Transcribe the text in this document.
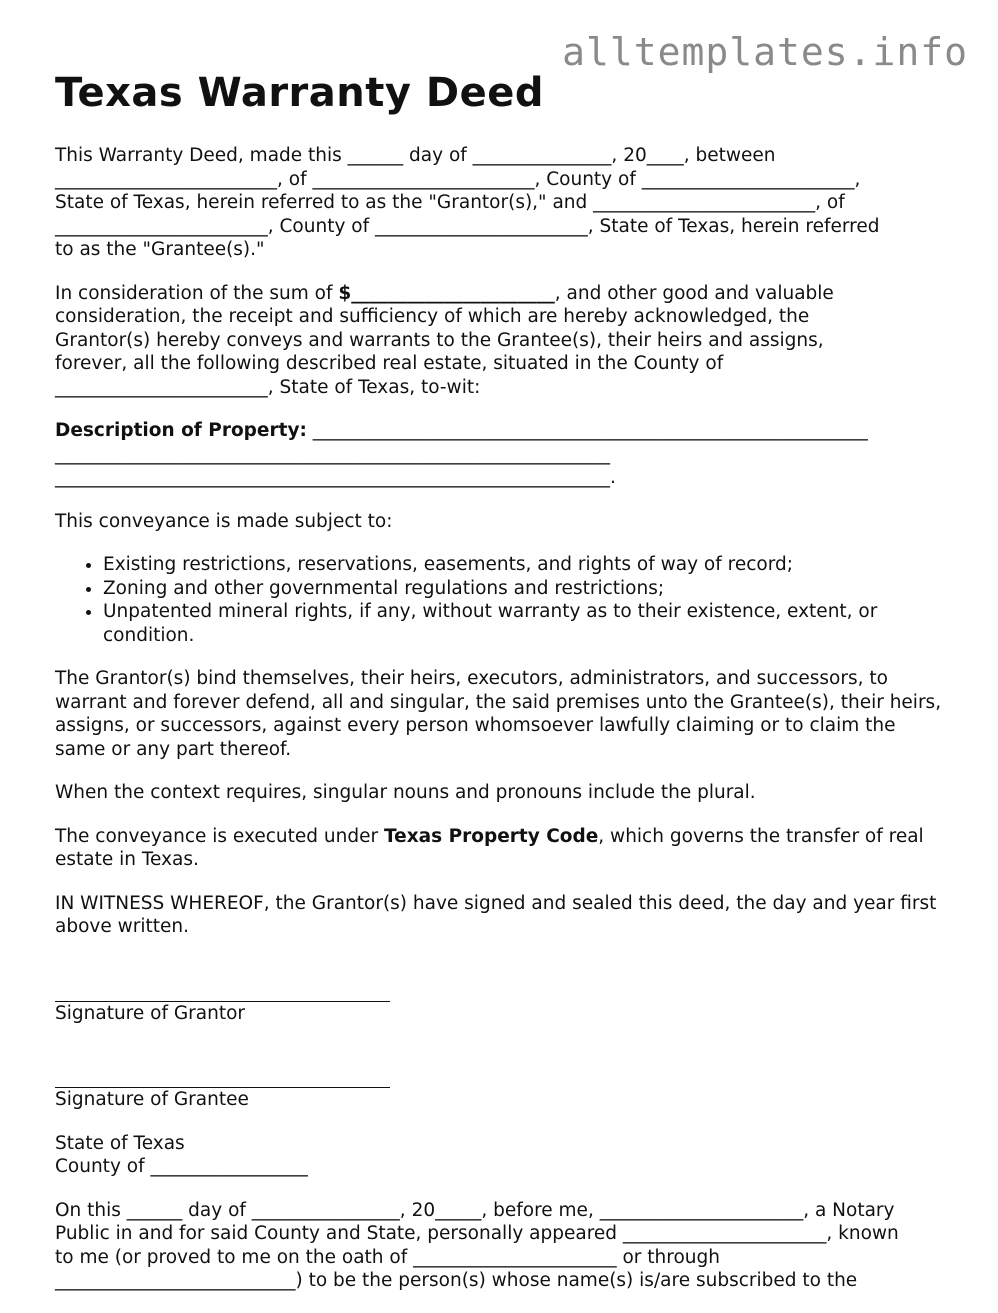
alltemplates.info
Texas Warranty Deed

This Warranty Deed, made this ______ day of _______________, 20____, between
________________________, of ________________________, County of _______________________,
State of Texas, herein referred to as the "Grantor(s)," and ________________________, of
_______________________, County of _______________________, State of Texas, herein referred
to as the "Grantee(s)."

In consideration of the sum of $______________________, and other good and valuable
consideration, the receipt and sufficiency of which are hereby acknowledged, the
Grantor(s) hereby conveys and warrants to the Grantee(s), their heirs and assigns,
forever, all the following described real estate, situated in the County of
_______________________, State of Texas, to-wit:

Description of Property: ____________________________________________________________
____________________________________________________________
____________________________________________________________.

This conveyance is made subject to:

• Existing restrictions, reservations, easements, and rights of way of record;
• Zoning and other governmental regulations and restrictions;
• Unpatented mineral rights, if any, without warranty as to their existence, extent, or condition.

The Grantor(s) bind themselves, their heirs, executors, administrators, and successors, to warrant and forever defend, all and singular, the said premises unto the Grantee(s), their heirs, assigns, or successors, against every person whomsoever lawfully claiming or to claim the same or any part thereof.

When the context requires, singular nouns and pronouns include the plural.

The conveyance is executed under Texas Property Code, which governs the transfer of real estate in Texas.

IN WITNESS WHEREOF, the Grantor(s) have signed and sealed this deed, the day and year first above written.

Signature of Grantor
Signature of Grantee

State of Texas
County of _________________

On this ______ day of ________________, 20_____, before me, ______________________, a Notary
Public in and for said County and State, personally appeared ______________________, known
to me (or proved to me on the oath of ______________________ or through
__________________________) to be the person(s) whose name(s) is/are subscribed to the
